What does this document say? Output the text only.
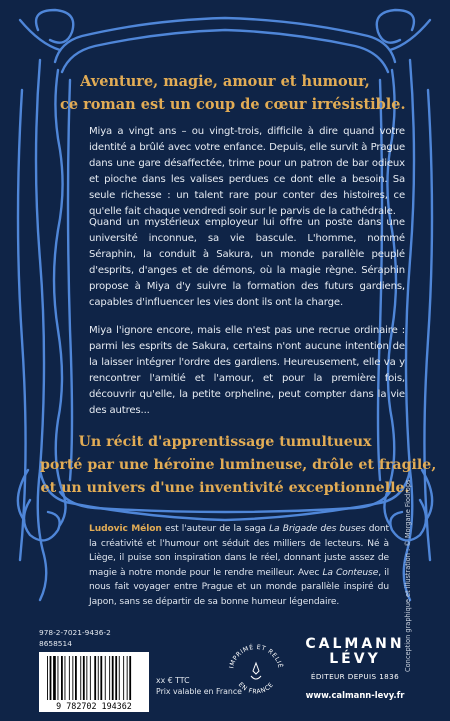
Aventure, magie, amour et humour,
ce roman est un coup de cœur irrésistible.
Miya a vingt ans – ou vingt-trois, difficile à dire quand votre identité a brûlé avec votre enfance. Depuis, elle survit à Prague dans une gare désaffectée, trime pour un patron de bar odieux et pioche dans les valises perdues ce dont elle a besoin. Sa seule richesse : un talent rare pour conter des histoires, ce qu'elle fait chaque vendredi soir sur le parvis de la cathédrale.
Quand un mystérieux employeur lui offre un poste dans une université inconnue, sa vie bascule. L'homme, nommé Séraphin, la conduit à Sakura, un monde parallèle peuplé d'esprits, d'anges et de démons, où la magie règne. Séraphin propose à Miya d'y suivre la formation des futurs gardiens, capables d'influencer les vies dont ils ont la charge.
Miya l'ignore encore, mais elle n'est pas une recrue ordinaire : parmi les esprits de Sakura, certains n'ont aucune intention de la laisser intégrer l'ordre des gardiens. Heureusement, elle va y rencontrer l'amitié et l'amour, et pour la première fois, découvrir qu'elle, la petite orpheline, peut compter dans la vie des autres...
Un récit d'apprentissage tumultueux
porté par une héroïne lumineuse, drôle et fragile,
et un univers d'une inventivité exceptionnelle.
Ludovic Mélon est l'auteur de la saga La Brigade des buses dont la créativité et l'humour ont séduit des milliers de lecteurs. Né à Liège, il puise son inspiration dans le réel, donnant juste assez de magie à notre monde pour le rendre meilleur. Avec La Conteuse, il nous fait voyager entre Prague et un monde parallèle inspiré du Japon, sans se départir de sa bonne humeur légendaire.	Conception graphique et illustration : © Morgane Fiodrops
978-2-7021-9436-2
8658514
9 782702 194362
xx € TTC
Prix valable en France
IMPRIMÉ ET RELIÉ
EN FRANCE
CALMANN
LÉVY
ÉDITEUR DEPUIS 1836
www.calmann-levy.fr
